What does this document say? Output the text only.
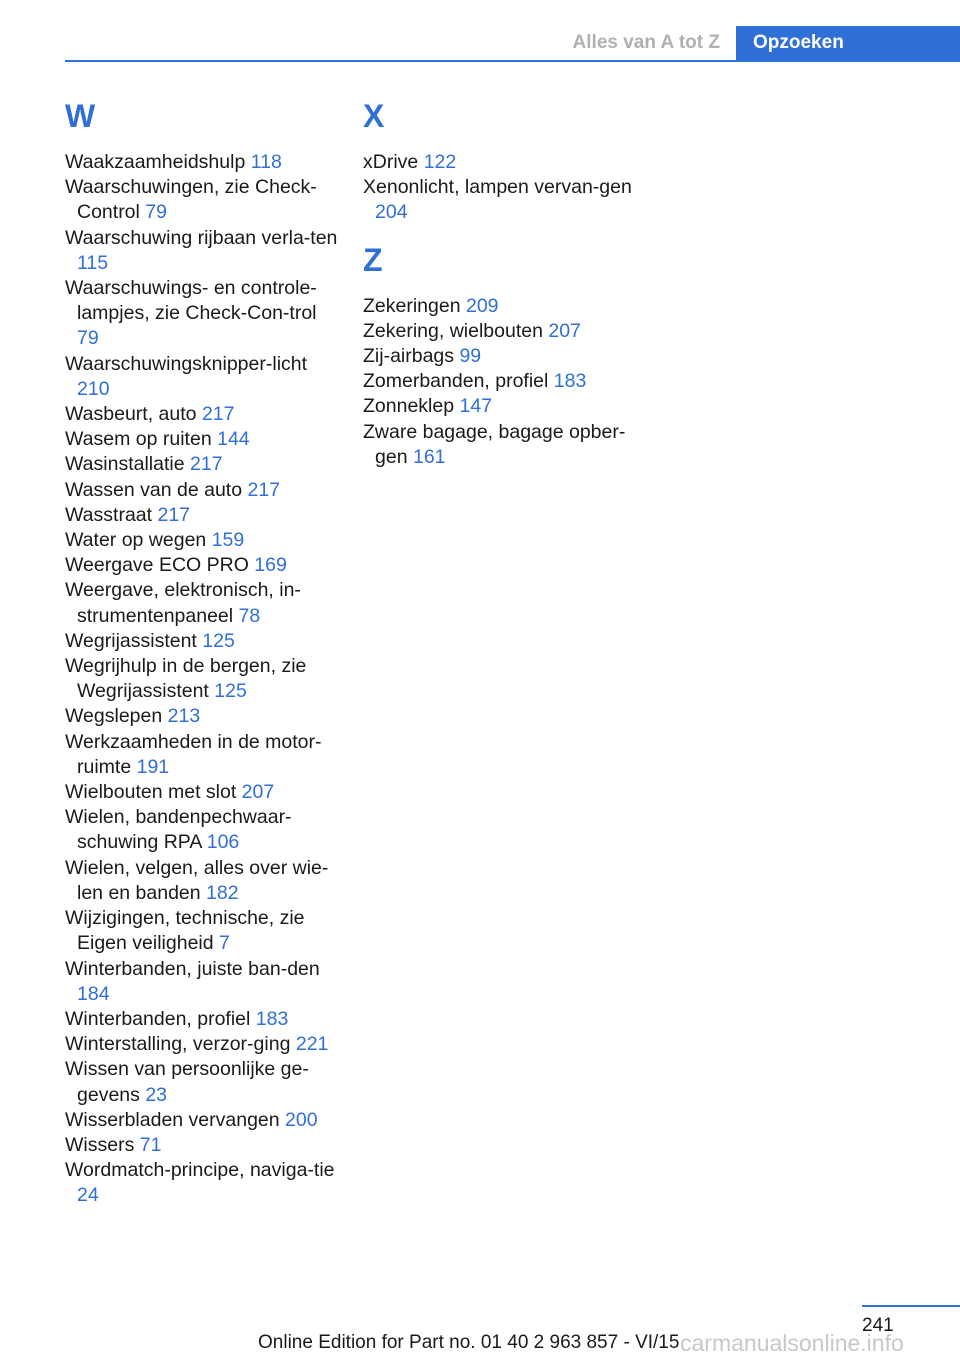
Alles van A tot Z	Opzoeken
W
Waakzaamheidshulp 118
Waarschuwingen, zie Check-Control 79
Waarschuwing rijbaan verla-ten 115
Waarschuwings- en controle-lampjes, zie Check-Con-trol 79
Waarschuwingsknipper-licht 210
Wasbeurt, auto 217
Wasem op ruiten 144
Wasinstallatie 217
Wassen van de auto 217
Wasstraat 217
Water op wegen 159
Weergave ECO PRO 169
Weergave, elektronisch, in-strumentenpaneel 78
Wegrijassistent 125
Wegrijhulp in de bergen, zie Wegrijassistent 125
Wegslepen 213
Werkzaamheden in de motor-ruimte 191
Wielbouten met slot 207
Wielen, bandenpechwaar-schuwing RPA 106
Wielen, velgen, alles over wie-len en banden 182
Wijzigingen, technische, zie Eigen veiligheid 7
Winterbanden, juiste ban-den 184
Winterbanden, profiel 183
Winterstalling, verzor-ging 221
Wissen van persoonlijke ge-gevens 23
Wisserbladen vervangen 200
Wissers 71
Wordmatch-principe, naviga-tie 24
X
xDrive 122
Xenonlicht, lampen vervan-gen 204
Z
Zekeringen 209
Zekering, wielbouten 207
Zij-airbags 99
Zomerbanden, profiel 183
Zonneklep 147
Zware bagage, bagage opber-gen 161
241
Online Edition for Part no. 01 40 2 963 857 - VI/15 carmanualsonline.info
